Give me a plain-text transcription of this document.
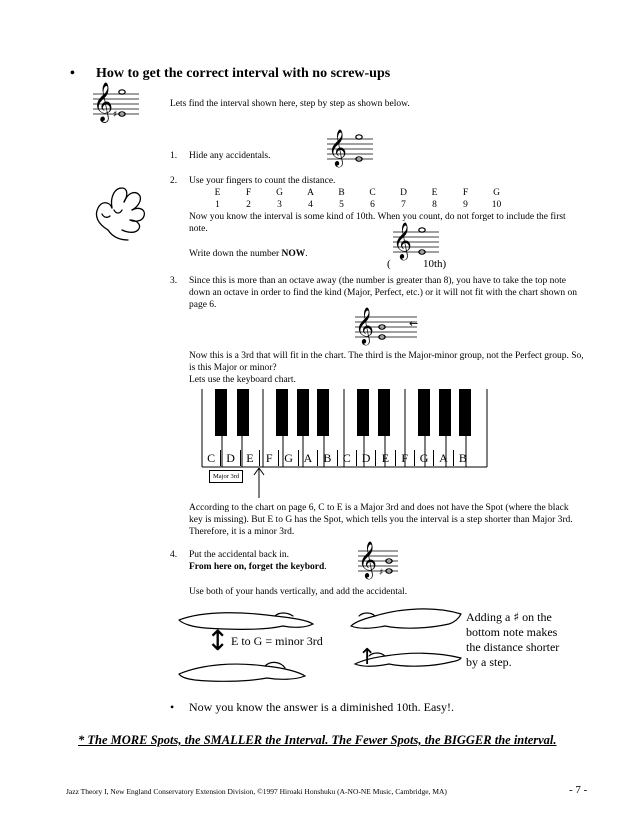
• How to get the correct interval with no screw-ups
♯
𝄞	Lets find the interval shown here, step by step as shown below.
1. Hide any accidentals. 𝄞
2. Use your fingers to count the distance.
E	F	G	A	B	C	D	E	F	G
1	2	3	4	5	6	7	8	9	10
Now you know the interval is some kind of 10th. When you count, do not forget to include the first note.
Write down the number NOW.	𝄞
(	10th)
3. Since this is more than an octave away (the number is greater than 8), you have to take the top note down an octave in order to find the kind (Major, Perfect, etc.) or it will not fit with the chart shown on page 6.
𝄞	←
Now this is a 3rd that will fit in the chart. The third is the Major-minor group, not the Perfect group. So, is this Major or minor?
Lets use the keyboard chart.
C D E	F G A B C D E	F G A B
Major 3rd
According to the chart on page 6, C to E is a Major 3rd and does not have the Spot (where the black key is missing). But E to G has the Spot, which tells you the interval is a step shorter than Major 3rd. Therefore, it is a minor 3rd.
4. Put the accidental back in.
From here on, forget the keybord.
♯
𝄞
Use both of your hands vertically, and add the accidental.
↕ E to G = minor 3rd
↑
Adding a ♯ on the bottom note makes the distance shorter by a step.
• Now you know the answer is a diminished 10th. Easy!.
* The MORE Spots, the SMALLER the Interval. The Fewer Spots, the BIGGER the interval.
Jazz Theory I, New England Conservatory Extension Division, ©1997 Hiroaki Honshuku (A-NO-NE Music, Cambridge, MA)	- 7 -
